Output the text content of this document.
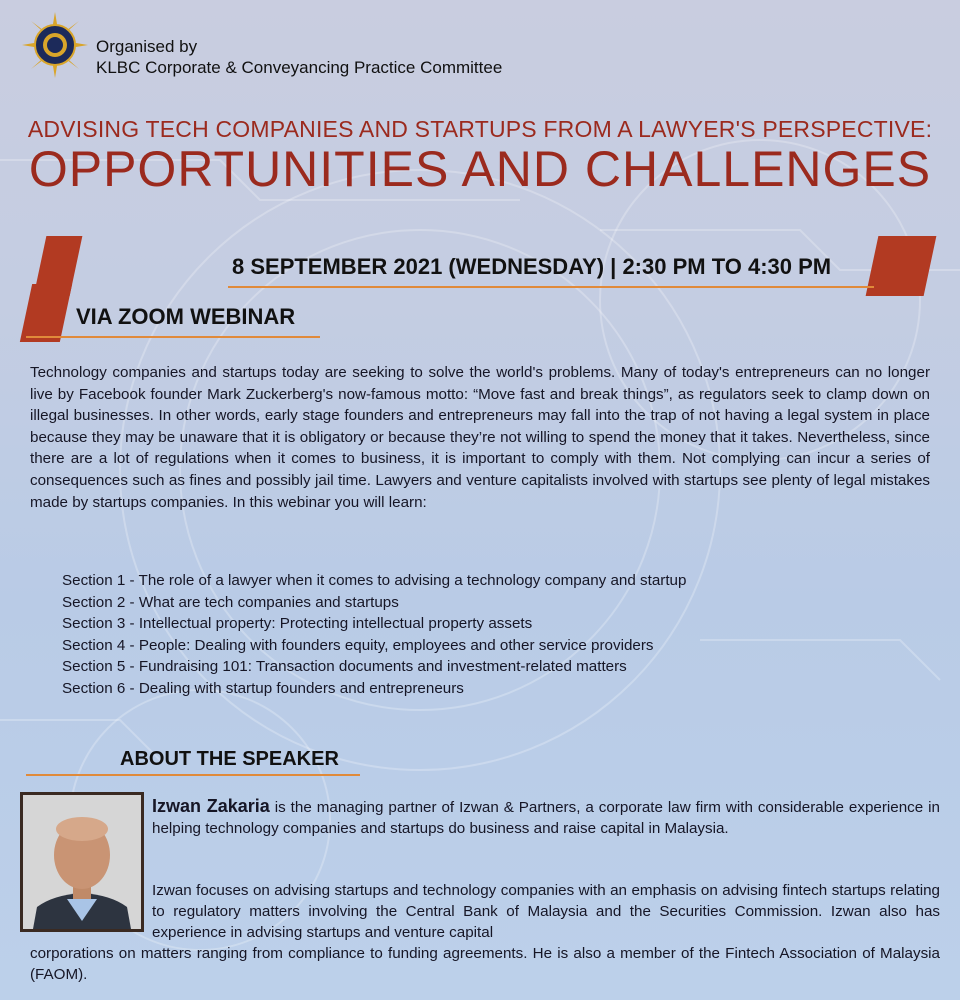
Organised by
KLBC Corporate & Conveyancing Practice Committee
ADVISING TECH COMPANIES AND STARTUPS FROM A LAWYER'S PERSPECTIVE:
OPPORTUNITIES AND CHALLENGES
8 SEPTEMBER 2021 (WEDNESDAY) | 2:30 PM TO 4:30 PM
VIA ZOOM WEBINAR
Technology companies and startups today are seeking to solve the world's problems. Many of today's entrepreneurs can no longer live by Facebook founder Mark Zuckerberg's now-famous motto: “Move fast and break things”, as regulators seek to clamp down on illegal businesses. In other words, early stage founders and entrepreneurs may fall into the trap of not having a legal system in place because they may be unaware that it is obligatory or because they’re not willing to spend the money that it takes. Nevertheless, since there are a lot of regulations when it comes to business, it is important to comply with them. Not complying can incur a series of consequences such as fines and possibly jail time. Lawyers and venture capitalists involved with startups see plenty of legal mistakes made by startups companies. In this webinar you will learn:
Section 1 - The role of a lawyer when it comes to advising a technology company and startup
Section 2 - What are tech companies and startups
Section 3 - Intellectual property: Protecting intellectual property assets
Section 4 - People: Dealing with founders equity, employees and other service providers
Section 5 - Fundraising 101: Transaction documents and investment-related matters
Section 6 - Dealing with startup founders and entrepreneurs
ABOUT THE SPEAKER
Izwan Zakaria is the managing partner of Izwan & Partners, a corporate law firm with considerable experience in helping technology companies and startups do business and raise capital in Malaysia.
Izwan focuses on advising startups and technology companies with an emphasis on advising fintech startups relating to regulatory matters involving the Central Bank of Malaysia and the Securities Commission. Izwan also has experience in advising startups and venture capital
corporations on matters ranging from compliance to funding agreements. He is also a member of the Fintech Association of Malaysia (FAOM).
